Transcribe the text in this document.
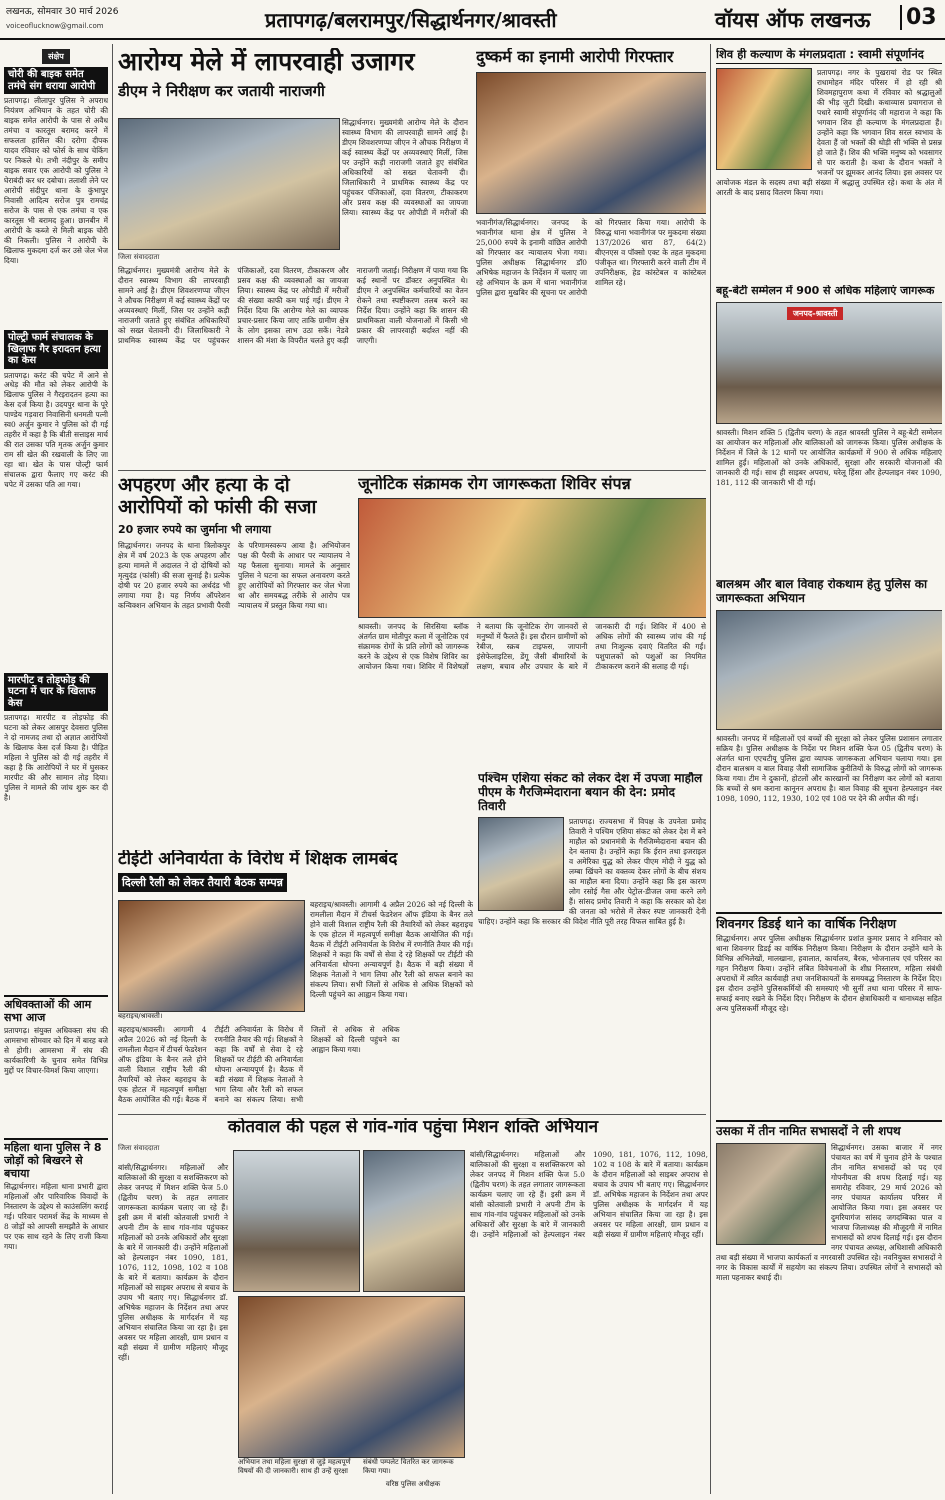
लखनऊ, सोमवार 30 मार्च 2026
voiceoflucknow@gmail.com	प्रतापगढ़/बलरामपुर/सिद्धार्थनगर/श्रावस्ती	वॉयस ऑफ लखनऊ 03
संक्षेप
चोरी की बाइक समेत तमंचे संग धराया आरोपी
प्रतापगढ़। लीलापुर पुलिस ने अपराध नियंत्रण अभियान के तहत चोरी की बाइक समेत आरोपी के पास से अवैध तमंचा व कारतूस बरामद करने में सफलता हासिल की। दरोगा दीपक यादव रविवार को फोर्स के साथ चेकिंग पर निकले थे। तभी नंदीपुर के समीप बाइक सवार एक आरोपी को पुलिस ने घेराबंदी कर धर दबोचा। तलाशी लेने पर आरोपी संदीपुर थाना के कुंभापुर निवासी आदित्य सरोज पुत्र रामचंद्र सरोज के पास से एक तमंचा व एक कारतूस भी बरामद हुआ। छानबीन में आरोपी के कब्जे से मिली बाइक चोरी की निकली। पुलिस ने आरोपी के खिलाफ मुकदमा दर्ज कर उसे जेल भेज दिया।
पोल्ट्री फार्म संचालक के खिलाफ गैर इरादतन हत्या का केस
प्रतापगढ़। करंट की चपेट में आने से अधेड़ की मौत को लेकर आरोपी के खिलाफ पुलिस ने गैरइरादतन हत्या का केस दर्ज किया है। उदयपुर थाना के पूरे पाण्डेय गड़वारा निवासिनी धनमती पत्नी स्व0 अर्जुन कुमार ने पुलिस को दी गई तहरीर में कहा है कि बीती सत्ताइस मार्च की रात उसका पति मृतक अर्जुन कुमार राम सी खेत की रखवाली के लिए जा रहा था। खेत के पास पोल्ट्री फार्म संचालक द्वारा फैलाए गए करंट की चपेट में उसका पति आ गया।
मारपीट व तोड़फोड़ की घटना में चार के खिलाफ केस
प्रतापगढ़। मारपीट व तोड़फोड़ की घटना को लेकर आसपुर देवसरा पुलिस ने दो नामजद तथा दो अज्ञात आरोपियों के खिलाफ केस दर्ज किया है। पीड़ित महिला ने पुलिस को दी गई तहरीर में कहा है कि आरोपियों ने घर में घुसकर मारपीट की और सामान तोड़ दिया। पुलिस ने मामले की जांच शुरू कर दी है।
अधिवक्ताओं की आम सभा आज
प्रतापगढ़। संयुक्त अधिवक्ता संघ की आमसभा सोमवार को दिन में बारह बजे से होगी। आमसभा में संघ की कार्यकारिणी के चुनाव समेत विभिन्न मुद्दों पर विचार-विमर्श किया जाएगा।
महिला थाना पुलिस ने 8 जोड़ों को बिखरने से बचाया
सिद्धार्थनगर। महिला थाना प्रभारी द्वारा महिलाओं और पारिवारिक विवादों के निस्तारण के उद्देश्य से काउंसलिंग कराई गई। परिवार परामर्श केंद्र के माध्यम से 8 जोड़ों को आपसी समझौते के आधार पर एक साथ रहने के लिए राजी किया गया।
आरोग्य मेले में लापरवाही उजागर
डीएम ने निरीक्षण कर जतायी नाराजगी
जिला संवाददाता
सिद्धार्थनगर। मुख्यमंत्री आरोग्य मेले के दौरान स्वास्थ्य विभाग की लापरवाही सामने आई है। डीएम शिवशरणप्पा जीएन ने औचक निरीक्षण में कई स्वास्थ्य केंद्रों पर अव्यवस्थाएं मिलीं, जिस पर उन्होंने कड़ी नाराजगी जताते हुए संबंधित अधिकारियों को सख्त चेतावनी दी। जिलाधिकारी ने प्राथमिक स्वास्थ्य केंद्र पर पहुंचकर पंजिकाओं, दवा वितरण, टीकाकरण और प्रसव कक्ष की व्यवस्थाओं का जायजा लिया। स्वास्थ्य केंद्र पर ओपीडी में मरीजों की संख्या काफी कम पाई गई। डीएम ने निर्देश दिया कि आरोग्य मेले का व्यापक प्रचार-प्रसार किया जाए ताकि ग्रामीण क्षेत्र के लोग इसका लाभ उठा सकें। नेडवे शासन की मंशा के विपरीत चलते हुए कड़ी नाराजगी जताई। निरीक्षण में पाया गया कि कई स्थानों पर डॉक्टर अनुपस्थित थे। डीएम ने अनुपस्थित कर्मचारियों का वेतन रोकने तथा स्पष्टीकरण तलब करने का निर्देश दिया। उन्होंने कहा कि शासन की प्राथमिकता वाली योजनाओं में किसी भी प्रकार की लापरवाही बर्दाश्त नहीं की जाएगी।
सिद्धार्थनगर। मुख्यमंत्री आरोग्य मेले के दौरान स्वास्थ्य विभाग की लापरवाही सामने आई है। डीएम शिवशरणप्पा जीएन ने औचक निरीक्षण में कई स्वास्थ्य केंद्रों पर अव्यवस्थाएं मिलीं, जिस पर उन्होंने कड़ी नाराजगी जताते हुए संबंधित अधिकारियों को सख्त चेतावनी दी। जिलाधिकारी ने प्राथमिक स्वास्थ्य केंद्र पर पहुंचकर पंजिकाओं, दवा वितरण, टीकाकरण और प्रसव कक्ष की व्यवस्थाओं का जायजा लिया। स्वास्थ्य केंद्र पर ओपीडी में मरीजों की
दुष्कर्म का इनामी आरोपी गिरफ्तार
भवानीगंज/सिद्धार्थनगर। जनपद के भवानीगंज थाना क्षेत्र में पुलिस ने 25,000 रुपये के इनामी वांछित आरोपी को गिरफ्तार कर न्यायालय भेजा गया। पुलिस अधीक्षक सिद्धार्थनगर डॉ0 अभिषेक महाजन के निर्देशन में चलाए जा रहे अभियान के क्रम में थाना भवानीगंज पुलिस द्वारा मुखबिर की सूचना पर आरोपी को गिरफ्तार किया गया। आरोपी के विरुद्ध थाना भवानीगंज पर मुकदमा संख्या 137/2026 धारा 87, 64(2) बीएनएस व पॉक्सो एक्ट के तहत मुकदमा पंजीकृत था। गिरफ्तारी करने वाली टीम में उपनिरीक्षक, हेड कांस्टेबल व कांस्टेबल शामिल रहे।
शिव ही कल्याण के मंगलप्रदाता : स्वामी संपूर्णानंद
प्रतापगढ़। नगर के पुखरायां रोड पर स्थित राधामोहन मंदिर परिसर में हो रही श्री शिवमहापुराण कथा में रविवार को श्रद्धालुओं की भीड़ जुटी दिखी। कथाव्यास प्रयागराज से पधारे स्वामी संपूर्णानंद जी महाराज ने कहा कि भगवान शिव ही कल्याण के मंगलप्रदाता हैं। उन्होंने कहा कि भगवान शिव सरल स्वभाव के देवता हैं जो भक्तों की थोड़ी सी भक्ति से प्रसन्न हो जाते हैं। शिव की भक्ति मनुष्य को भवसागर से पार कराती है। कथा के दौरान भक्तों ने भजनों पर झूमकर आनंद लिया। इस अवसर पर आयोजक मंडल के सदस्य तथा बड़ी संख्या में श्रद्धालु उपस्थित रहे। कथा के अंत में आरती के बाद प्रसाद वितरण किया गया।
बहू-बेटी सम्मेलन में 900 से अधिक महिलाएं जागरूक
जनपद-श्रावस्ती
श्रावस्ती। मिशन शक्ति 5 (द्वितीय चरण) के तहत श्रावस्ती पुलिस ने बहू-बेटी सम्मेलन का आयोजन कर महिलाओं और बालिकाओं को जागरूक किया। पुलिस अधीक्षक के निर्देशन में जिले के 12 थानों पर आयोजित कार्यक्रमों में 900 से अधिक महिलाएं शामिल हुईं। महिलाओं को उनके अधिकारों, सुरक्षा और सरकारी योजनाओं की जानकारी दी गई। साथ ही साइबर अपराध, घरेलू हिंसा और हेल्पलाइन नंबर 1090, 181, 112 की जानकारी भी दी गई।
बालश्रम और बाल विवाह रोकथाम हेतु पुलिस का जागरूकता अभियान
श्रावस्ती। जनपद में महिलाओं एवं बच्चों की सुरक्षा को लेकर पुलिस प्रशासन लगातार सक्रिय है। पुलिस अधीक्षक के निर्देश पर मिशन शक्ति फेज 05 (द्वितीय चरण) के अंतर्गत थाना एएचटीयू पुलिस द्वारा व्यापक जागरूकता अभियान चलाया गया। इस दौरान बालश्रम व बाल विवाह जैसी सामाजिक कुरीतियों के विरुद्ध लोगों को जागरूक किया गया। टीम ने दुकानों, होटलों और कारखानों का निरीक्षण कर लोगों को बताया कि बच्चों से श्रम कराना कानूनन अपराध है। बाल विवाह की सूचना हेल्पलाइन नंबर 1098, 1090, 112, 1930, 102 एवं 108 पर देने की अपील की गई।
शिवनगर डिडई थाने का वार्षिक निरीक्षण
सिद्धार्थनगर। अपर पुलिस अधीक्षक सिद्धार्थनगर प्रशांत कुमार प्रसाद ने शनिवार को थाना शिवनगर डिडई का वार्षिक निरीक्षण किया। निरीक्षण के दौरान उन्होंने थाने के विभिन्न अभिलेखों, मालखाना, हवालात, कार्यालय, बैरक, भोजनालय एवं परिसर का गहन निरीक्षण किया। उन्होंने लंबित विवेचनाओं के शीघ्र निस्तारण, महिला संबंधी अपराधों में त्वरित कार्यवाही तथा जनशिकायतों के समयबद्ध निस्तारण के निर्देश दिए। इस दौरान उन्होंने पुलिसकर्मियों की समस्याएं भी सुनीं तथा थाना परिसर में साफ-सफाई बनाए रखने के निर्देश दिए। निरीक्षण के दौरान क्षेत्राधिकारी व थानाध्यक्ष सहित अन्य पुलिसकर्मी मौजूद रहे।
उसका में तीन नामित सभासदों ने ली शपथ
सिद्धार्थनगर। उसका बाजार में नगर पंचायत का वर्ष में चुनाव होने के पश्चात तीन नामित सभासदों को पद एवं गोपनीयता की शपथ दिलाई गई। यह समारोह रविवार, 29 मार्च 2026 को नगर पंचायत कार्यालय परिसर में आयोजित किया गया। इस अवसर पर दुमरियागंज सांसद जगदम्बिका पाल व भाजपा जिलाध्यक्ष की मौजूदगी में नामित सभासदों को शपथ दिलाई गई। इस दौरान नगर पंचायत अध्यक्ष, अधिशासी अधिकारी तथा बड़ी संख्या में भाजपा कार्यकर्ता व नगरवासी उपस्थित रहे। नवनियुक्त सभासदों ने नगर के विकास कार्यों में सहयोग का संकल्प लिया। उपस्थित लोगों ने सभासदों को माला पहनाकर बधाई दी।
अपहरण और हत्या के दो आरोपियों को फांसी की सजा
20 हजार रुपये का जुर्माना भी लगाया
सिद्धार्थनगर। जनपद के थाना त्रिलोकपुर क्षेत्र में वर्ष 2023 के एक अपहरण और हत्या मामले में अदालत ने दो दोषियों को मृत्युदंड (फांसी) की सजा सुनाई है। प्रत्येक दोषी पर 20 हजार रुपये का अर्थदंड भी लगाया गया है। यह निर्णय ऑपरेशन कन्विक्शन अभियान के तहत प्रभावी पैरवी के परिणामस्वरूप आया है। अभियोजन पक्ष की पैरवी के आधार पर न्यायालय ने यह फैसला सुनाया। मामले के अनुसार पुलिस ने घटना का सफल अनावरण करते हुए आरोपियों को गिरफ्तार कर जेल भेजा था और समयबद्ध तरीके से आरोप पत्र न्यायालय में प्रस्तुत किया गया था।
जूनोटिक संक्रामक रोग जागरूकता शिविर संपन्न
श्रावस्ती। जनपद के सिरसिया ब्लॉक अंतर्गत ग्राम मोतीपुर कला में जूनोटिक एवं संक्रामक रोगों के प्रति लोगों को जागरूक करने के उद्देश्य से एक विशेष शिविर का आयोजन किया गया। शिविर में विशेषज्ञों ने बताया कि जूनोटिक रोग जानवरों से मनुष्यों में फैलते हैं। इस दौरान ग्रामीणों को रेबीज, स्क्रब टाइफस, जापानी इंसेफेलाइटिस, डेंगू जैसी बीमारियों के लक्षण, बचाव और उपचार के बारे में जानकारी दी गई। शिविर में 400 से अधिक लोगों की स्वास्थ्य जांच की गई तथा निःशुल्क दवाएं वितरित की गईं। पशुपालकों को पशुओं का नियमित टीकाकरण कराने की सलाह दी गई।
पश्चिम एशिया संकट को लेकर देश में उपजा माहौल पीएम के गैरजिम्मेदाराना बयान की देन: प्रमोद तिवारी
प्रतापगढ़। राज्यसभा में विपक्ष के उपनेता प्रमोद तिवारी ने पश्चिम एशिया संकट को लेकर देश में बने माहौल को प्रधानमंत्री के गैरजिम्मेदाराना बयान की देन बताया है। उन्होंने कहा कि ईरान तथा इजराइल व अमेरिका युद्ध को लेकर पीएम मोदी ने युद्ध को लम्बा खिंचने का वक्तव्य देकर लोगों के बीच संशय का माहौल बना दिया। उन्होंने कहा कि इस कारण लोग रसोई गैस और पेट्रोल-डीजल जमा करने लगे हैं। सांसद प्रमोद तिवारी ने कहा कि सरकार को देश की जनता को भरोसे में लेकर स्पष्ट जानकारी देनी चाहिए। उन्होंने कहा कि सरकार की विदेश नीति पूरी तरह विफल साबित हुई है।
टीईटी अनिवार्यता के विरोध में शिक्षक लामबंद
दिल्ली रैली को लेकर तैयारी बैठक सम्पन्न
बहराइच/श्रावस्ती।
बहराइच/श्रावस्ती। आगामी 4 अप्रैल 2026 को नई दिल्ली के रामलीला मैदान में टीचर्स फेडरेशन ऑफ इंडिया के बैनर तले होने वाली विशाल राष्ट्रीय रैली की तैयारियों को लेकर बहराइच के एक होटल में महत्वपूर्ण समीक्षा बैठक आयोजित की गई। बैठक में टीईटी अनिवार्यता के विरोध में रणनीति तैयार की गई। शिक्षकों ने कहा कि वर्षों से सेवा दे रहे शिक्षकों पर टीईटी की अनिवार्यता थोपना अन्यायपूर्ण है। बैठक में बड़ी संख्या में शिक्षक नेताओं ने भाग लिया और रैली को सफल बनाने का संकल्प लिया। सभी जिलों से अधिक से अधिक शिक्षकों को दिल्ली पहुंचने का आह्वान किया गया।
बहराइच/श्रावस्ती। आगामी 4 अप्रैल 2026 को नई दिल्ली के रामलीला मैदान में टीचर्स फेडरेशन ऑफ इंडिया के बैनर तले होने वाली विशाल राष्ट्रीय रैली की तैयारियों को लेकर बहराइच के एक होटल में महत्वपूर्ण समीक्षा बैठक आयोजित की गई। बैठक में टीईटी अनिवार्यता के विरोध में रणनीति तैयार की गई। शिक्षकों ने कहा कि वर्षों से सेवा दे रहे शिक्षकों पर टीईटी की अनिवार्यता थोपना अन्यायपूर्ण है। बैठक में बड़ी संख्या में शिक्षक नेताओं ने भाग लिया और रैली को सफल बनाने का संकल्प लिया। सभी जिलों से अधिक से अधिक शिक्षकों को दिल्ली पहुंचने का आह्वान किया गया।
कोतवाल की पहल से गांव-गांव पहुंचा मिशन शक्ति अभियान
जिला संवाददाता
अभियान तथा महिला सुरक्षा से जुड़े महत्वपूर्ण विषयों की दी जानकारी। साथ ही उन्हें सुरक्षा
संबंधी पम्पलेट वितरित कर जागरूक किया गया।
वरिष्ठ पुलिस अधीक्षक
बांसी/सिद्धार्थनगर। महिलाओं और बालिकाओं की सुरक्षा व सशक्तिकरण को लेकर जनपद में मिशन शक्ति फेज 5.0 (द्वितीय चरण) के तहत लगातार जागरूकता कार्यक्रम चलाए जा रहे हैं। इसी क्रम में बांसी कोतवाली प्रभारी ने अपनी टीम के साथ गांव-गांव पहुंचकर महिलाओं को उनके अधिकारों और सुरक्षा के बारे में जानकारी दी। उन्होंने महिलाओं को हेल्पलाइन नंबर 1090, 181, 1076, 112, 1098, 102 व 108 के बारे में बताया। कार्यक्रम के दौरान महिलाओं को साइबर अपराध से बचाव के उपाय भी बताए गए। सिद्धार्थनगर डॉ. अभिषेक महाजन के निर्देशन तथा अपर पुलिस अधीक्षक के मार्गदर्शन में यह अभियान संचालित किया जा रहा है। इस अवसर पर महिला आरक्षी, ग्राम प्रधान व बड़ी संख्या में ग्रामीण महिलाएं मौजूद रहीं।
बांसी/सिद्धार्थनगर। महिलाओं और बालिकाओं की सुरक्षा व सशक्तिकरण को लेकर जनपद में मिशन शक्ति फेज 5.0 (द्वितीय चरण) के तहत लगातार जागरूकता कार्यक्रम चलाए जा रहे हैं। इसी क्रम में बांसी कोतवाली प्रभारी ने अपनी टीम के साथ गांव-गांव पहुंचकर महिलाओं को उनके अधिकारों और सुरक्षा के बारे में जानकारी दी। उन्होंने महिलाओं को हेल्पलाइन नंबर 1090, 181, 1076, 112, 1098, 102 व 108 के बारे में बताया। कार्यक्रम के दौरान महिलाओं को साइबर अपराध से बचाव के उपाय भी बताए गए। सिद्धार्थनगर डॉ. अभिषेक महाजन के निर्देशन तथा अपर पुलिस अधीक्षक के मार्गदर्शन में यह अभियान संचालित किया जा रहा है। इस अवसर पर महिला आरक्षी, ग्राम प्रधान व बड़ी संख्या में ग्रामीण महिलाएं मौजूद रहीं।
